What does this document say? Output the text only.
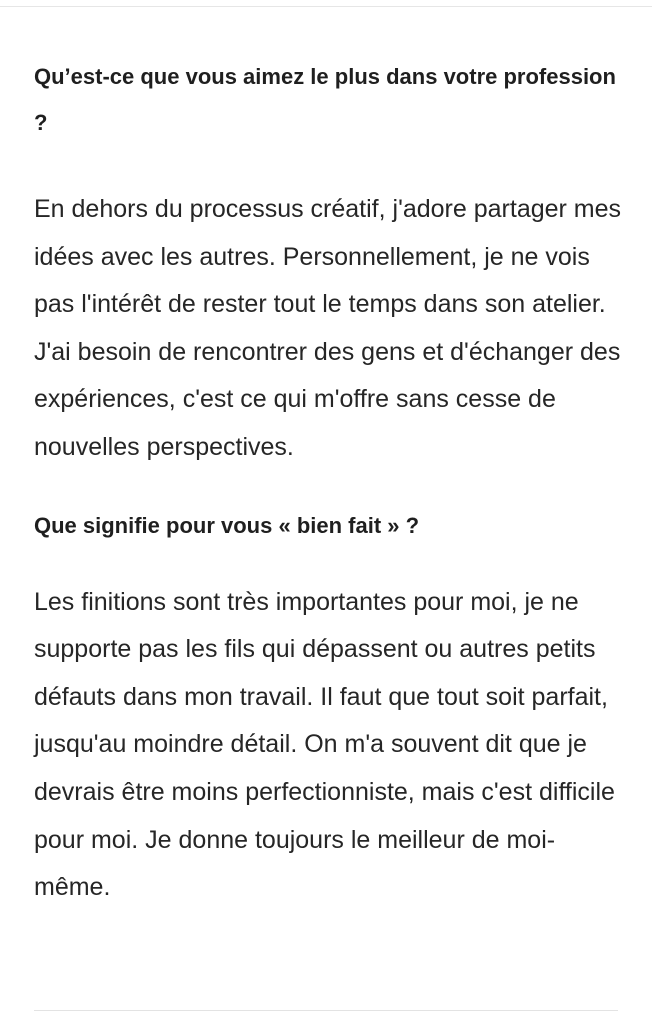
Qu’est-ce que vous aimez le plus dans votre profession ?

En dehors du processus créatif, j'adore partager mes idées avec les autres. Personnellement, je ne vois pas l'intérêt de rester tout le temps dans son atelier. J'ai besoin de rencontrer des gens et d'échanger des expériences, c'est ce qui m'offre sans cesse de nouvelles perspectives.

Que signifie pour vous « bien fait » ?

Les finitions sont très importantes pour moi, je ne supporte pas les fils qui dépassent ou autres petits défauts dans mon travail. Il faut que tout soit parfait, jusqu'au moindre détail. On m'a souvent dit que je devrais être moins perfectionniste, mais c'est difficile pour moi. Je donne toujours le meilleur de moi-même.
